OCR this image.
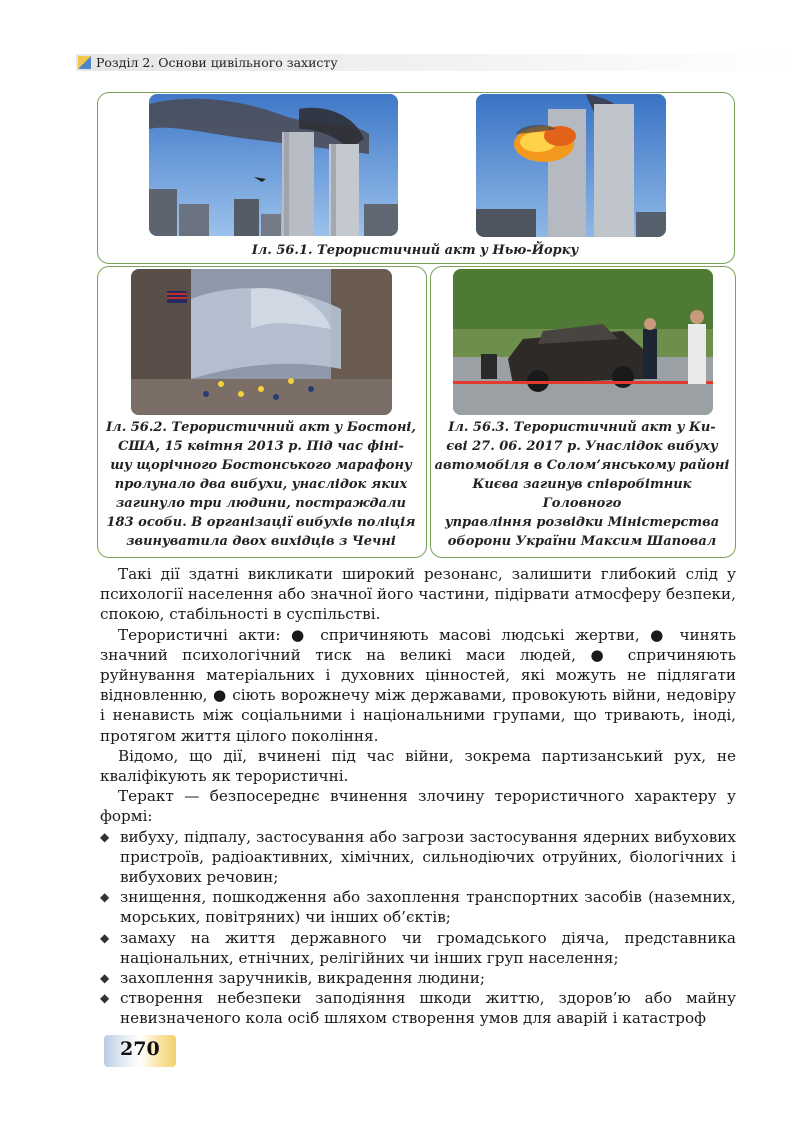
Розділ 2. Основи цивільного захисту
Іл. 56.1. Терористичний акт у Нью-Йорку
Іл. 56.2. Терористичний акт у Бостоні,
США, 15 квітня 2013 р. Під час фіні-
шу щорічного Бостонського марафону
пролунало два вибухи, унаслідок яких
загинуло три людини, постраждали
183 особи. В організації вибухів поліція
звинуватила двох вихідців з Чечні
Іл. 56.3. Терористичний акт у Ки-
єві 27. 06. 2017 р. Унаслідок вибуху
автомобіля в Солом’янському районі
Києва загинув співробітник Головного
управління розвідки Міністерства
оборони України Максим Шаповал

Такі дії здатні викликати широкий резонанс, залишити глибокий слід у психології населення або значної його частини, підірвати атмосферу безпеки, спокою, стабільності в суспільстві.

Терористичні акти: ● спричиняють масові людські жертви, ● чинять значний психологічний тиск на великі маси людей, ● спричиняють руйнування матеріальних і духовних цінностей, які можуть не підлягати відновленню, ● сіють ворожнечу між державами, провокують війни, недовіру і ненависть між соціальними і національними групами, що тривають, іноді, протягом життя цілого покоління.

Відомо, що дії, вчинені під час війни, зокрема партизанський рух, не кваліфікують як терористичні.

Теракт — безпосереднє вчинення злочину терористичного характеру у формі:

◆ вибуху, підпалу, застосування або загрози застосування ядерних вибухових пристроїв, радіоактивних, хімічних, сильнодіючих отруйних, біологічних і вибухових речовин;
◆ знищення, пошкодження або захоплення транспортних засобів (наземних, морських, повітряних) чи інших об’єктів;
◆ замаху на життя державного чи громадського діяча, представника національних, етнічних, релігійних чи інших груп населення;
◆ захоплення заручників, викрадення людини;
◆ створення небезпеки заподіяння шкоди життю, здоров’ю або майну невизначеного кола осіб шляхом створення умов для аварій і катастроф
270
